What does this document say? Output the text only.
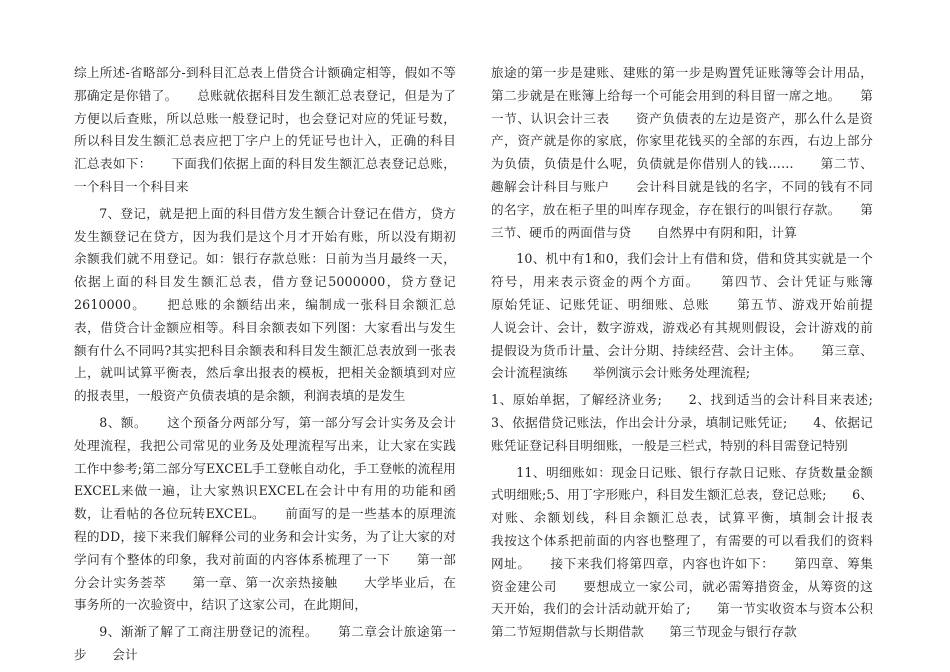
综上所述-省略部分-到科目汇总表上借贷合计额确定相等，假如不等那确定是你错了。　　总账就依据科目发生额汇总表登记，但是为了方便以后查账，所以总账一般登记时，也会登记对应的凭证号数，所以科目发生额汇总表应把丁字户上的凭证号也计入，正确的科目汇总表如下：　　下面我们依据上面的科目发生额汇总表登记总账，一个科目一个科目来

7、登记，就是把上面的科目借方发生额合计登记在借方，贷方发生额登记在贷方，因为我们是这个月才开始有账，所以没有期初余额我们就不用登记。如：银行存款总账：日前为当月最终一天，依据上面的科目发生额汇总表，借方登记5000000，贷方登记2610000。　　把总账的余额结出来，编制成一张科目余额汇总表，借贷合计金额应相等。科目余额表如下列图：大家看出与发生额有什么不同吗?其实把科目余额表和科目发生额汇总表放到一张表上，就叫试算平衡表，然后拿出报表的模板，把相关金额填到对应的报表里，一般资产负债表填的是余额，利润表填的是发生

8、额。　　这个预备分两部分写，第一部分写会计实务及会计处理流程，我把公司常见的业务及处理流程写出来，让大家在实践工作中参考;第二部分写EXCEL手工登帐自动化，手工登帐的流程用EXCEL来做一遍，让大家熟识EXCEL在会计中有用的功能和函数，让看帖的各位玩转EXCEL。　　前面写的是一些基本的原理流程的DD，接下来我们解释公司的业务和会计实务，为了让大家的对学问有个整体的印象，我对前面的内容体系梳理了一下　　第一部分会计实务荟萃　　第一章、第一次亲热接触　　大学毕业后，在事务所的一次验资中，结识了这家公司，在此期间，

9、渐渐了解了工商注册登记的流程。　　第二章会计旅途第一步　　会计

旅途的第一步是建账、建账的第一步是购置凭证账簿等会计用品，第二步就是在账簿上给每一个可能会用到的科目留一席之地。　　第一节、认识会计三表　　资产负债表的左边是资产，那么什么是资产，资产就是你的家底，你家里花钱买的全部的东西，右边上部分为负债，负债是什么呢，负债就是你借别人的钱……　　第二节、趣解会计科目与账户　　会计科目就是钱的名字，不同的钱有不同的名字，放在柜子里的叫库存现金，存在银行的叫银行存款。　　第三节、硬币的两面借与贷　　自然界中有阴和阳，计算

10、机中有1和0，我们会计上有借和贷，借和贷其实就是一个符号，用来表示资金的两个方面。　　第四节、会计凭证与账簿　　原始凭证、记账凭证、明细账、总账　　第五节、游戏开始前提　　人说会计、会计，数字游戏，游戏必有其规则假设，会计游戏的前提假设为货币计量、会计分期、持续经营、会计主体。　　第三章、会计流程演练　　举例演示会计账务处理流程;

1、原始单据，了解经济业务;　　2、找到适当的会计科目来表述;　　3、依据借贷记账法，作出会计分录，填制记账凭证;　　4、依据记账凭证登记科目明细账，一般是三栏式，特别的科目需登记特别

11、明细账如：现金日记账、银行存款日记账、存货数量金额式明细账;5、用丁字形账户，科目发生额汇总表，登记总账;　　6、对账、余额划线，科目余额汇总表，试算平衡，填制会计报表　　我按这个体系把前面的内容也整理了，有需要的可以看我们的资料网址。　　接下来我们将第四章，内容也许如下：　　第四章、筹集资金建公司　　要想成立一家公司，就必需筹措资金，从筹资的这天开始，我们的会计活动就开始了;　　第一节实收资本与资本公积　　第二节短期借款与长期借款　　第三节现金与银行存款
